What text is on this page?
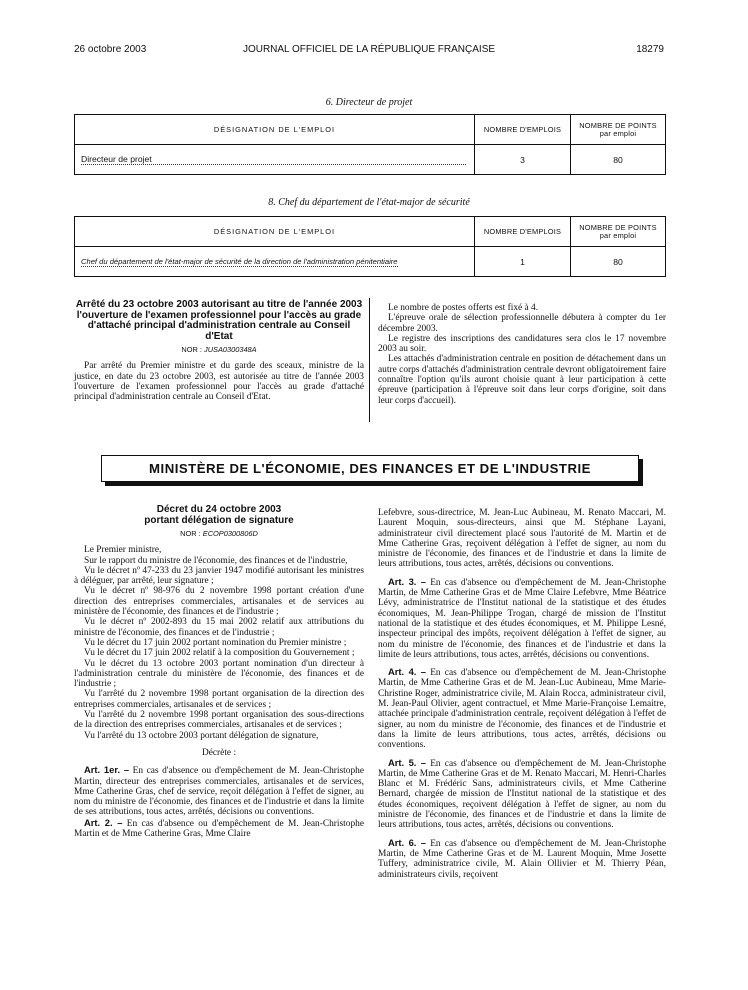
26 octobre 2003	JOURNAL OFFICIEL DE LA RÉPUBLIQUE FRANÇAISE	18279
6. Directeur de projet
DÉSIGNATION DE L'EMPLOI	NOMBRE D'EMPLOIS	NOMBRE DE POINTS
par emploi
Directeur de projet	3	80
8. Chef du département de l'état-major de sécurité
DÉSIGNATION DE L'EMPLOI	NOMBRE D'EMPLOIS	NOMBRE DE POINTS
par emploi
Chef du département de l'état-major de sécurité de la direction de l'administration pénitentiaire	1	80
Arrêté du 23 octobre 2003 autorisant au titre de l'année 2003 l'ouverture de l'examen professionnel pour l'accès au grade d'attaché principal d'administration centrale au Conseil d'Etat
NOR : JUSA0300348A

Par arrêté du Premier ministre et du garde des sceaux, ministre de la justice, en date du 23 octobre 2003, est autorisée au titre de l'année 2003 l'ouverture de l'examen professionnel pour l'accès au grade d'attaché principal d'administration centrale au Conseil d'Etat.

Le nombre de postes offerts est fixé à 4.

L'épreuve orale de sélection professionnelle débutera à compter du 1er décembre 2003.

Le registre des inscriptions des candidatures sera clos le 17 novembre 2003 au soir.

Les attachés d'administration centrale en position de détachement dans un autre corps d'attachés d'administration centrale devront obligatoirement faire connaître l'option qu'ils auront choisie quant à leur participation à cette épreuve (participation à l'épreuve soit dans leur corps d'origine, soit dans leur corps d'accueil).

MINISTÈRE DE L'ÉCONOMIE, DES FINANCES ET DE L'INDUSTRIE
Décret du 24 octobre 2003
portant délégation de signature
NOR : ECOP0300806D

Le Premier ministre,

Sur le rapport du ministre de l'économie, des finances et de l'industrie,

Vu le décret nº 47-233 du 23 janvier 1947 modifié autorisant les ministres à déléguer, par arrêté, leur signature ;

Vu le décret nº 98-976 du 2 novembre 1998 portant création d'une direction des entreprises commerciales, artisanales et de services au ministère de l'économie, des finances et de l'industrie ;

Vu le décret nº 2002-893 du 15 mai 2002 relatif aux attributions du ministre de l'économie, des finances et de l'industrie ;

Vu le décret du 17 juin 2002 portant nomination du Premier ministre ;

Vu le décret du 17 juin 2002 relatif à la composition du Gouvernement ;

Vu le décret du 13 octobre 2003 portant nomination d'un directeur à l'administration centrale du ministère de l'économie, des finances et de l'industrie ;

Vu l'arrêté du 2 novembre 1998 portant organisation de la direction des entreprises commerciales, artisanales et de services ;

Vu l'arrêté du 2 novembre 1998 portant organisation des sous-directions de la direction des entreprises commerciales, artisanales et de services ;

Vu l'arrêté du 13 octobre 2003 portant délégation de signature,

Décrète :

Art. 1er. – En cas d'absence ou d'empêchement de M. Jean-Christophe Martin, directeur des entreprises commerciales, artisanales et de services, Mme Catherine Gras, chef de service, reçoit délégation à l'effet de signer, au nom du ministre de l'économie, des finances et de l'industrie et dans la limite de ses attributions, tous actes, arrêtés, décisions ou conventions.

Art. 2. – En cas d'absence ou d'empêchement de M. Jean-Christophe Martin et de Mme Catherine Gras, Mme Claire

Lefebvre, sous-directrice, M. Jean-Luc Aubineau, M. Renato Maccari, M. Laurent Moquin, sous-directeurs, ainsi que M. Stéphane Layani, administrateur civil directement placé sous l'autorité de M. Martin et de Mme Catherine Gras, reçoivent délégation à l'effet de signer, au nom du ministre de l'économie, des finances et de l'industrie et dans la limite de leurs attributions, tous actes, arrêtés, décisions ou conventions.

Art. 3. – En cas d'absence ou d'empêchement de M. Jean-Christophe Martin, de Mme Catherine Gras et de Mme Claire Lefebvre, Mme Béatrice Lévy, administratrice de l'Institut national de la statistique et des études économiques, M. Jean-Philippe Trogan, chargé de mission de l'Institut national de la statistique et des études économiques, et M. Philippe Lesné, inspecteur principal des impôts, reçoivent délégation à l'effet de signer, au nom du ministre de l'économie, des finances et de l'industrie et dans la limite de leurs attributions, tous actes, arrêtés, décisions ou conventions.

Art. 4. – En cas d'absence ou d'empêchement de M. Jean-Christophe Martin, de Mme Catherine Gras et de M. Jean-Luc Aubineau, Mme Marie-Christine Roger, administratrice civile, M. Alain Rocca, administrateur civil, M. Jean-Paul Olivier, agent contractuel, et Mme Marie-Françoise Lemaitre, attachée principale d'administration centrale, reçoivent délégation à l'effet de signer, au nom du ministre de l'économie, des finances et de l'industrie et dans la limite de leurs attributions, tous actes, arrêtés, décisions ou conventions.

Art. 5. – En cas d'absence ou d'empêchement de M. Jean-Christophe Martin, de Mme Catherine Gras et de M. Renato Maccari, M. Henri-Charles Blanc et M. Frédéric Sans, administrateurs civils, et Mme Catherine Bernard, chargée de mission de l'Institut national de la statistique et des études économiques, reçoivent délégation à l'effet de signer, au nom du ministre de l'économie, des finances et de l'industrie et dans la limite de leurs attributions, tous actes, arrêtés, décisions ou conventions.

Art. 6. – En cas d'absence ou d'empêchement de M. Jean-Christophe Martin, de Mme Catherine Gras et de M. Laurent Moquin, Mme Josette Tuffery, administratrice civile, M. Alain Ollivier et M. Thierry Péan, administrateurs civils, reçoivent
